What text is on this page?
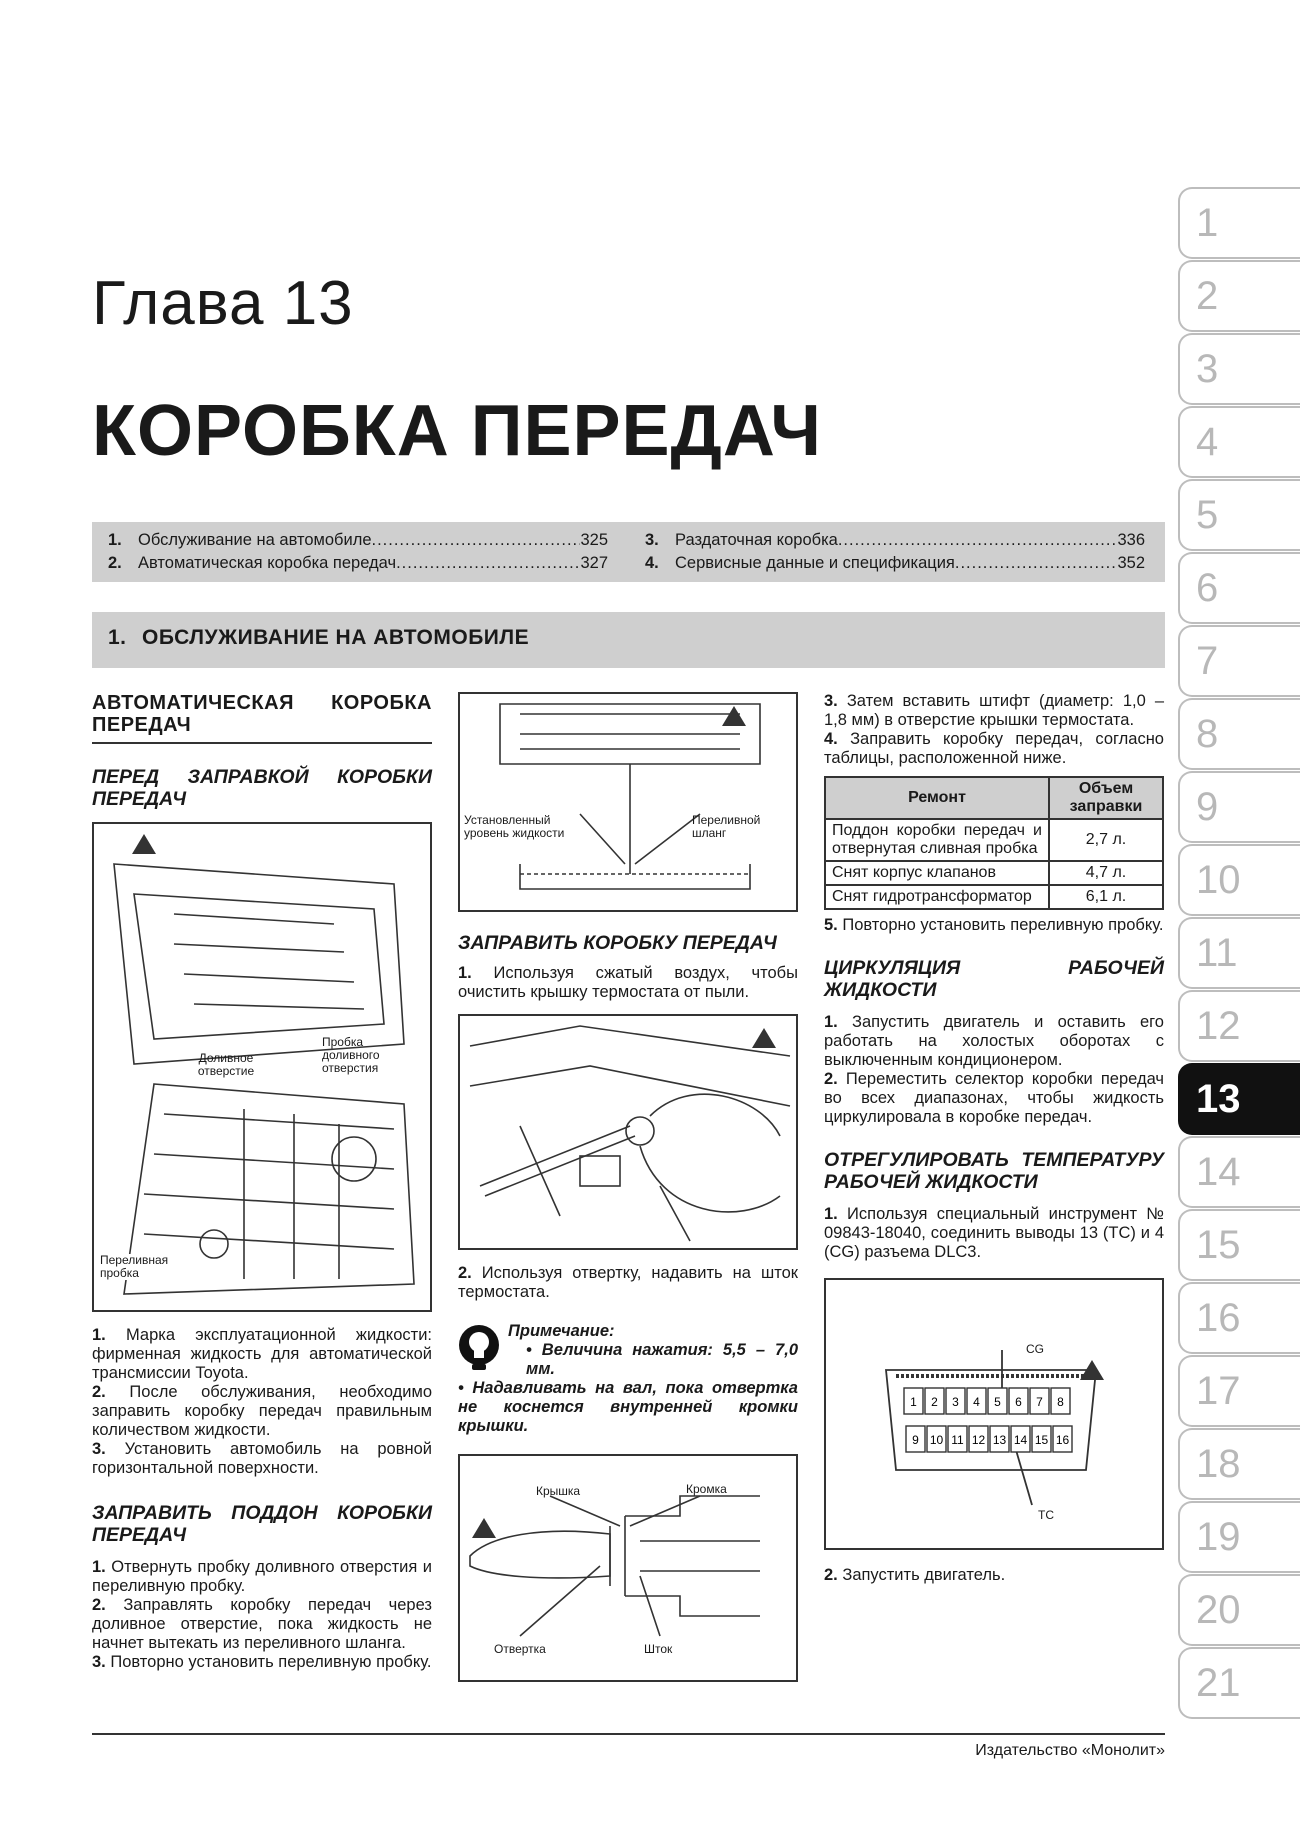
Глава 13
КОРОБКА ПЕРЕДАЧ
1. Обслуживание на автомобиле .....	325
2. Автоматическая коробка передач .....	327
3. Раздаточная коробка .....	336
4. Сервисные данные и спецификация .....	352
1. ОБСЛУЖИВАНИЕ НА АВТОМОБИЛЕ
АВТОМАТИЧЕСКАЯ КОРОБКА ПЕРЕДАЧ
ПЕРЕД ЗАПРАВКОЙ КОРОБКИ ПЕРЕДАЧ
Доливное отверстие
Пробка доливного отверстия
Переливная пробка

1. Марка эксплуатационной жидкости: фирменная жидкость для автоматической трансмиссии Toyota.

2. После обслуживания, необходимо заправить коробку передач правильным количеством жидкости.

3. Установить автомобиль на ровной горизонтальной поверхности.

ЗАПРАВИТЬ ПОДДОН КОРОБКИ ПЕРЕДАЧ

1. Отвернуть пробку доливного отверстия и переливную пробку.

2. Заправлять коробку передач через доливное отверстие, пока жидкость не начнет вытекать из переливного шланга.

3. Повторно установить переливную пробку.

Установленный уровень жидкости
Переливной шланг
ЗАПРАВИТЬ КОРОБКУ ПЕРЕДАЧ

1. Используя сжатый воздух, чтобы очистить крышку термостата от пыли.

2. Используя отвертку, надавить на шток термостата.

Примечание:
• Величина нажатия: 5,5 – 7,0 мм.
• Надавливать на вал, пока отвертка не коснется внутренней кромки крышки.
Крышка	Кромка
Отвертка	Шток

3. Затем вставить штифт (диаметр: 1,0 – 1,8 мм) в отверстие крышки термостата.

4. Заправить коробку передач, согласно таблицы, расположенной ниже.

Ремонт	Объем заправки
Поддон коробки передач и отвернутая сливная пробка	2,7 л.
Снят корпус клапанов	4,7 л.
Снят гидротрансформатор	6,1 л.

5. Повторно установить переливную пробку.

ЦИРКУЛЯЦИЯ РАБОЧЕЙ ЖИДКОСТИ

1. Запустить двигатель и оставить его работать на холостых оборотах с выключенным кондиционером.

2. Переместить селектор коробки передач во всех диапазонах, чтобы жидкость циркулировала в коробке передач.

ОТРЕГУЛИРОВАТЬ ТЕМПЕРАТУРУ РАБОЧЕЙ ЖИДКОСТИ

1. Используя специальный инструмент № 09843-18040, соединить выводы 13 (TC) и 4 (CG) разъема DLC3.

1 2 3 4 5 6 7 8
9 10 11 12 13 14 15 16
CG
TC

2. Запустить двигатель.

1
2
3
4
5
6
7
8
9
10
11
12
13
14
15
16
17
18
19
20
21
Издательство «Монолит»
